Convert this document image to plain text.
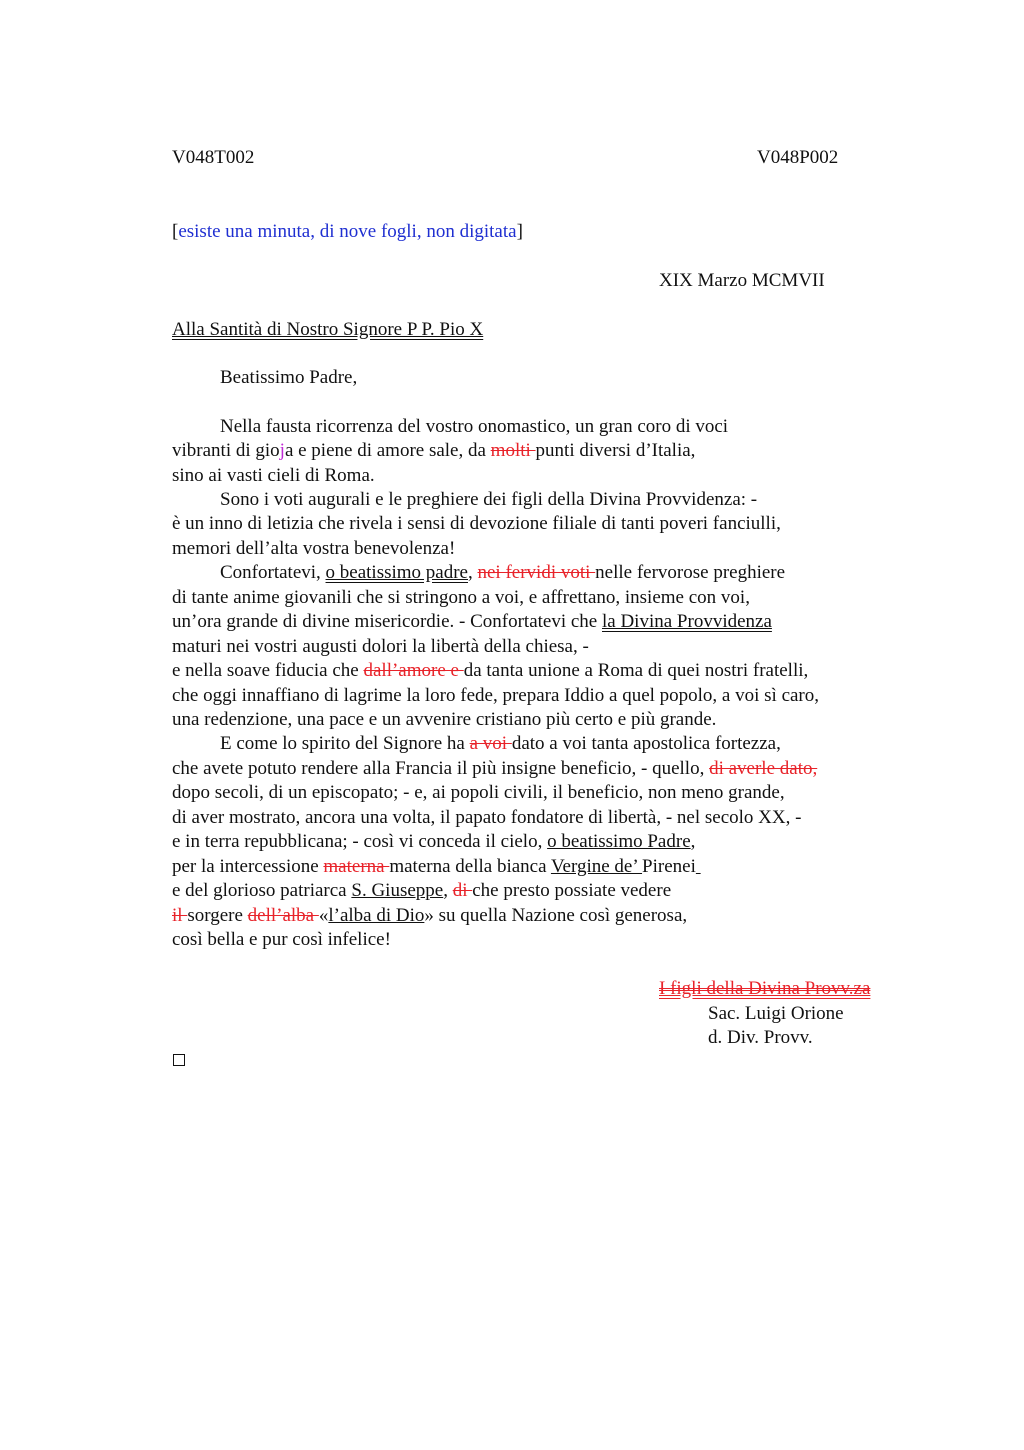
V048T002	V048P002
[esiste una minuta, di nove fogli, non digitata]
XIX Marzo MCMVII
Alla Santità di Nostro Signore P P. Pio X
Beatissimo Padre,
Nella fausta ricorrenza del vostro onomastico, un gran coro di voci
vibranti di gioja e piene di amore sale, da molti punti diversi d’Italia,
sino ai vasti cieli di Roma.
Sono i voti augurali e le preghiere dei figli della Divina Provvidenza: -
è un inno di letizia che rivela i sensi di devozione filiale di tanti poveri fanciulli,
memori dell’alta vostra benevolenza!
Confortatevi, o beatissimo padre, nei fervidi voti nelle fervorose preghiere
di tante anime giovanili che si stringono a voi, e affrettano, insieme con voi,
un’ora grande di divine misericordie. - Confortatevi che la Divina Provvidenza
maturi nei vostri augusti dolori la libertà della chiesa, -
e nella soave fiducia che dall’amore e da tanta unione a Roma di quei nostri fratelli,
che oggi innaffiano di lagrime la loro fede, prepara Iddio a quel popolo, a voi sì caro,
una redenzione, una pace e un avvenire cristiano più certo e più grande.
E come lo spirito del Signore ha a voi dato a voi tanta apostolica fortezza,
che avete potuto rendere alla Francia il più insigne beneficio, - quello, di averle dato,
dopo secoli, di un episcopato; - e, ai popoli civili, il beneficio, non meno grande,
di aver mostrato, ancora una volta, il papato fondatore di libertà, - nel secolo XX, -
e in terra repubblicana; - così vi conceda il cielo, o beatissimo Padre,
per la intercessione materna materna della bianca Vergine de’ Pirenei
e del glorioso patriarca S. Giuseppe, di che presto possiate vedere
il sorgere dell’alba «l’alba di Dio» su quella Nazione così generosa,
così bella e pur così infelice!
I figli della Divina Provv.za
Sac. Luigi Orione
d. Div. Provv.
